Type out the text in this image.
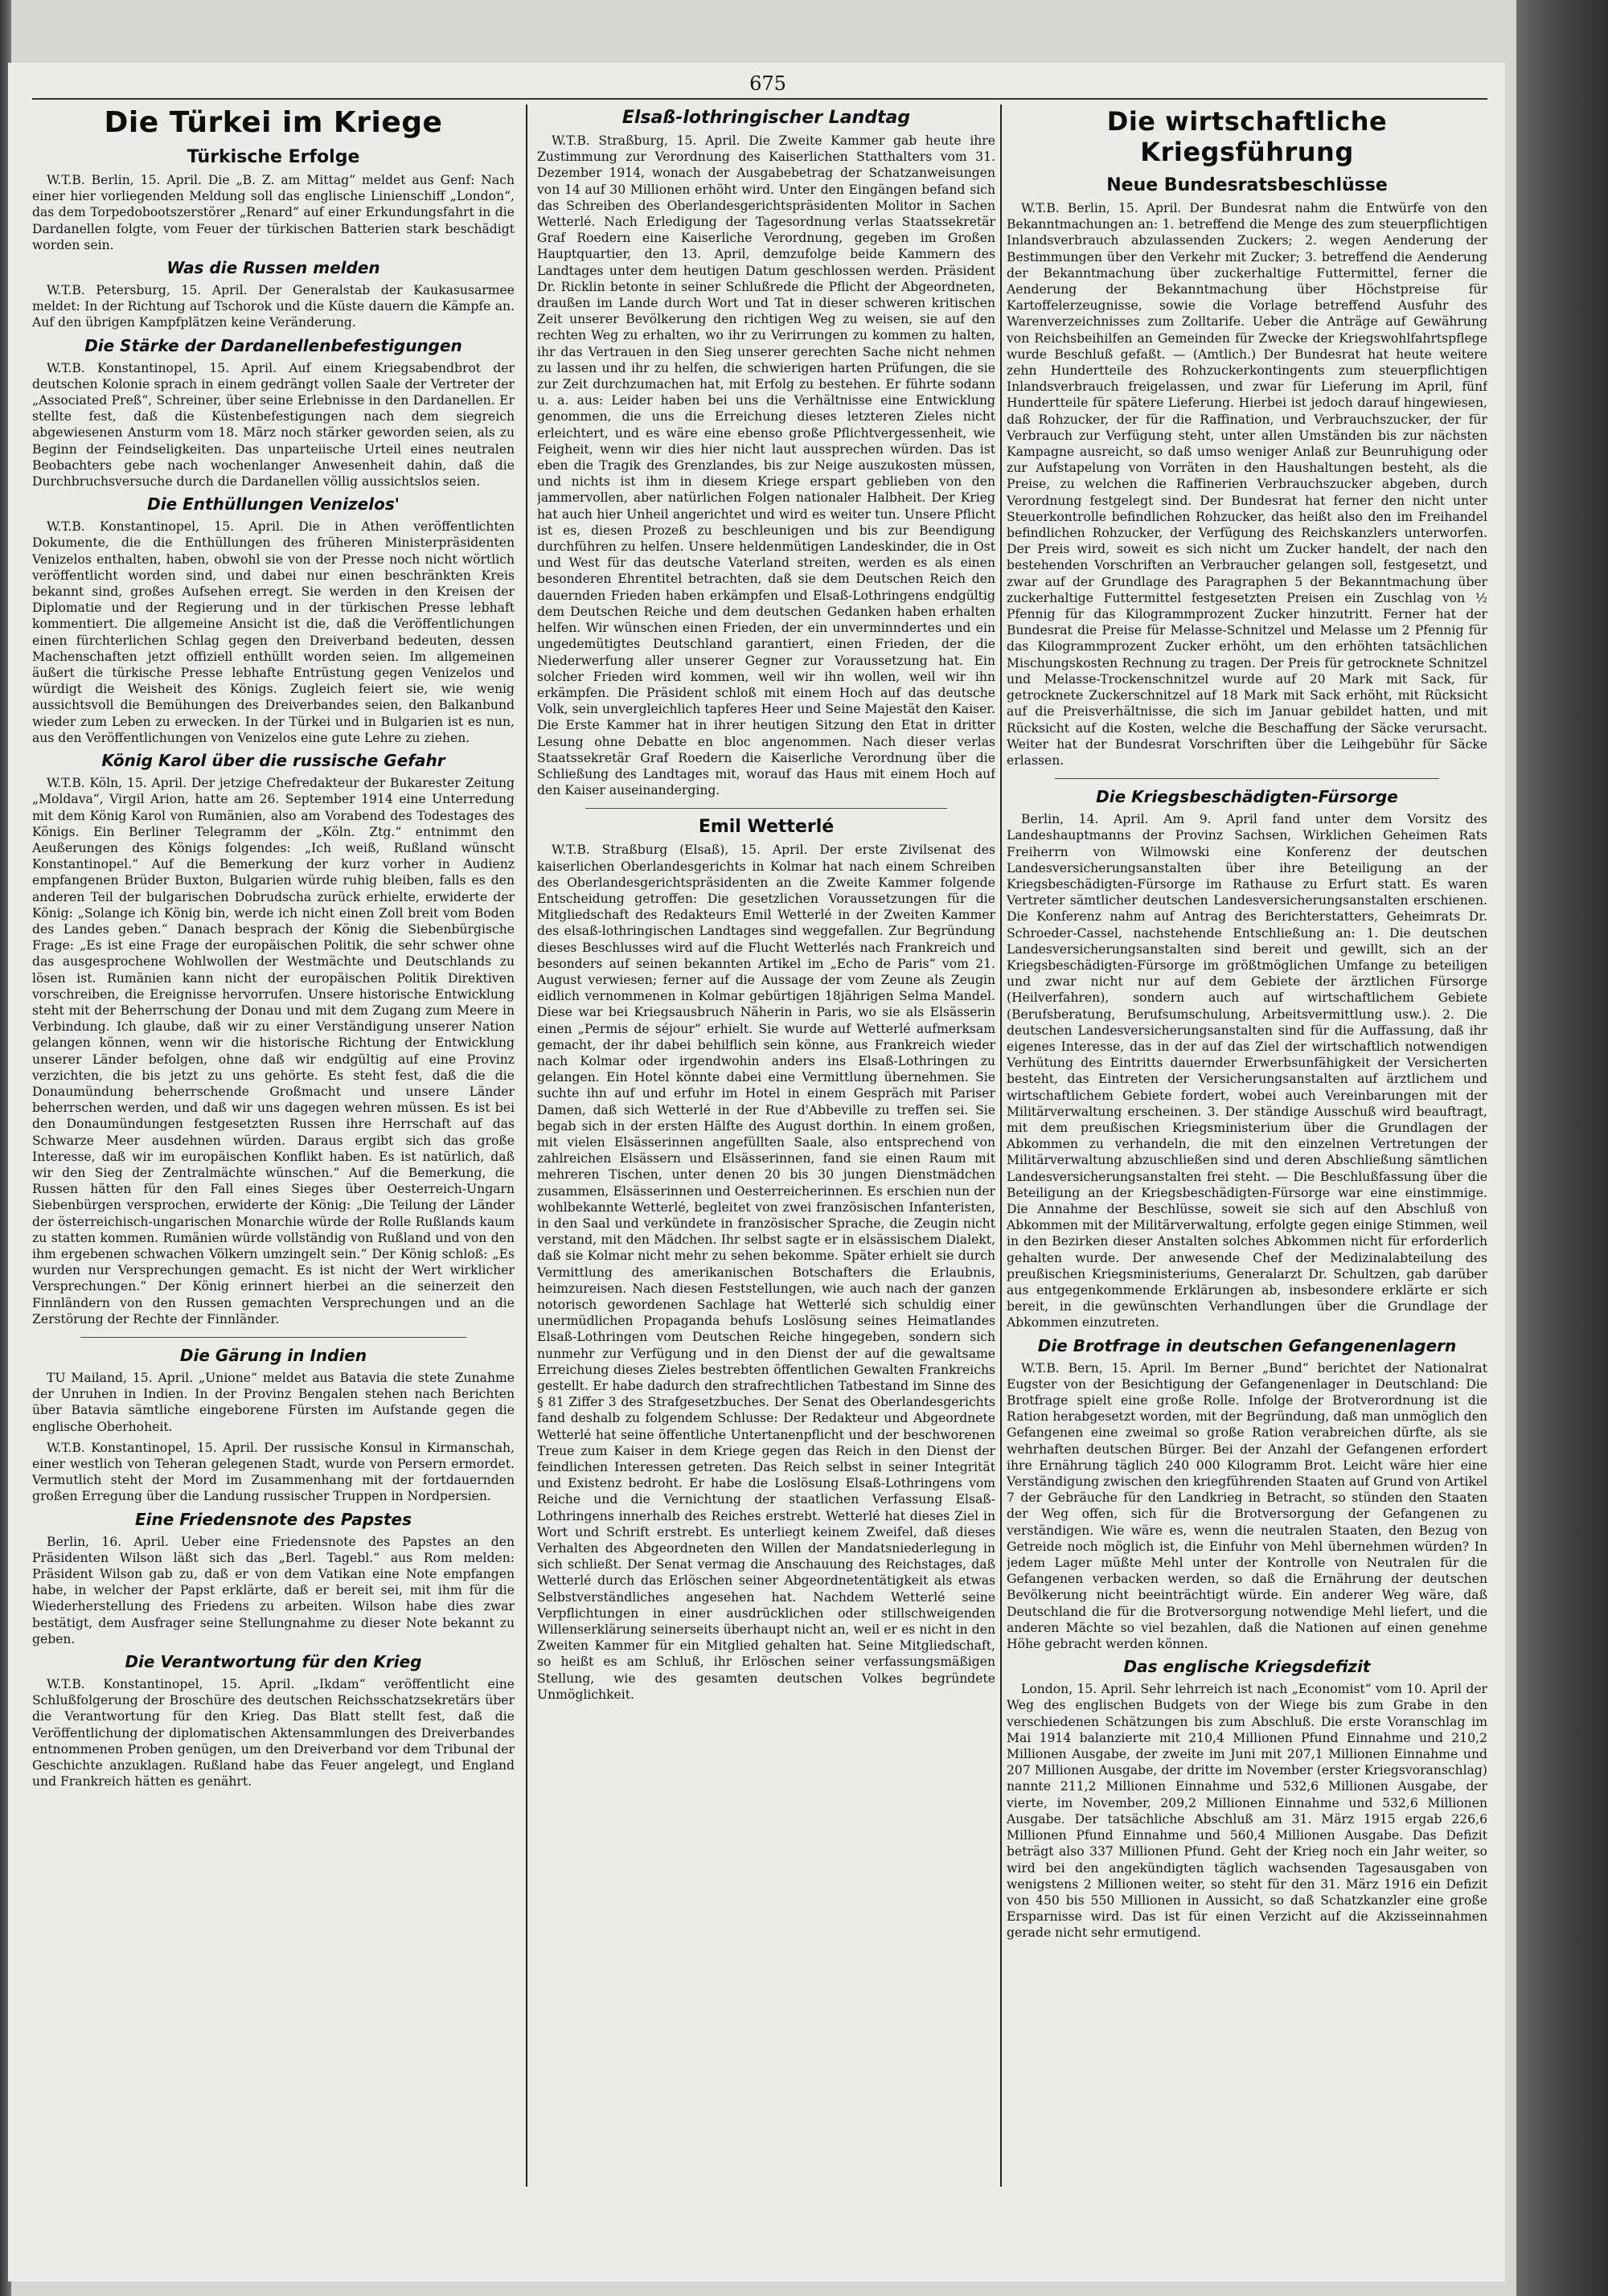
675
Die Türkei im Kriege
Türkische Erfolge

W.T.B. Berlin, 15. April. Die „B. Z. am Mittag“ meldet aus Genf: Nach einer hier vorliegenden Meldung soll das englische Linienschiff „London“, das dem Torpedobootszerstörer „Renard“ auf einer Erkundungsfahrt in die Dardanellen folgte, vom Feuer der türkischen Batterien stark beschädigt worden sein.

Was die Russen melden

W.T.B. Petersburg, 15. April. Der Generalstab der Kaukasusarmee meldet: In der Richtung auf Tschorok und die Küste dauern die Kämpfe an. Auf den übrigen Kampfplätzen keine Veränderung.

Die Stärke der Dardanellenbefestigungen

W.T.B. Konstantinopel, 15. April. Auf einem Kriegsabendbrot der deutschen Kolonie sprach in einem gedrängt vollen Saale der Vertreter der „Associated Preß“, Schreiner, über seine Erlebnisse in den Dardanellen. Er stellte fest, daß die Küstenbefestigungen nach dem siegreich abgewiesenen Ansturm vom 18. März noch stärker geworden seien, als zu Beginn der Feindseligkeiten. Das unparteiische Urteil eines neutralen Beobachters gebe nach wochenlanger Anwesenheit dahin, daß die Durchbruchsversuche durch die Dardanellen völlig aussichtslos seien.

Die Enthüllungen Venizelos'

W.T.B. Konstantinopel, 15. April. Die in Athen veröffentlichten Dokumente, die die Enthüllungen des früheren Ministerpräsidenten Venizelos enthalten, haben, obwohl sie von der Presse noch nicht wörtlich veröffentlicht worden sind, und dabei nur einen beschränkten Kreis bekannt sind, großes Aufsehen erregt. Sie werden in den Kreisen der Diplomatie und der Regierung und in der türkischen Presse lebhaft kommentiert. Die allgemeine Ansicht ist die, daß die Veröffentlichungen einen fürchterlichen Schlag gegen den Dreiverband bedeuten, dessen Machenschaften jetzt offiziell enthüllt worden seien. Im allgemeinen äußert die türkische Presse lebhafte Entrüstung gegen Venizelos und würdigt die Weisheit des Königs. Zugleich feiert sie, wie wenig aussichtsvoll die Bemühungen des Dreiverbandes seien, den Balkanbund wieder zum Leben zu erwecken. In der Türkei und in Bulgarien ist es nun, aus den Veröffentlichungen von Venizelos eine gute Lehre zu ziehen.

König Karol über die russische Gefahr

W.T.B. Köln, 15. April. Der jetzige Chefredakteur der Bukarester Zeitung „Moldava“, Virgil Arion, hatte am 26. September 1914 eine Unterredung mit dem König Karol von Rumänien, also am Vorabend des Todestages des Königs. Ein Berliner Telegramm der „Köln. Ztg.“ entnimmt den Aeußerungen des Königs folgendes: „Ich weiß, Rußland wünscht Konstantinopel.“ Auf die Bemerkung der kurz vorher in Audienz empfangenen Brüder Buxton, Bulgarien würde ruhig bleiben, falls es den anderen Teil der bulgarischen Dobrudscha zurück erhielte, erwiderte der König: „Solange ich König bin, werde ich nicht einen Zoll breit vom Boden des Landes geben.“ Danach besprach der König die Siebenbürgische Frage: „Es ist eine Frage der europäischen Politik, die sehr schwer ohne das ausgesprochene Wohlwollen der Westmächte und Deutschlands zu lösen ist. Rumänien kann nicht der europäischen Politik Direktiven vorschreiben, die Ereignisse hervorrufen. Unsere historische Entwicklung steht mit der Beherrschung der Donau und mit dem Zugang zum Meere in Verbindung. Ich glaube, daß wir zu einer Verständigung unserer Nation gelangen können, wenn wir die historische Richtung der Entwicklung unserer Länder befolgen, ohne daß wir endgültig auf eine Provinz verzichten, die bis jetzt zu uns gehörte. Es steht fest, daß die die Donaumündung beherrschende Großmacht und unsere Länder beherrschen werden, und daß wir uns dagegen wehren müssen. Es ist bei den Donaumündungen festgesetzten Russen ihre Herrschaft auf das Schwarze Meer ausdehnen würden. Daraus ergibt sich das große Interesse, daß wir im europäischen Konflikt haben. Es ist natürlich, daß wir den Sieg der Zentralmächte wünschen.“ Auf die Bemerkung, die Russen hätten für den Fall eines Sieges über Oesterreich-Ungarn Siebenbürgen versprochen, erwiderte der König: „Die Teilung der Länder der österreichisch-ungarischen Monarchie würde der Rolle Rußlands kaum zu statten kommen. Rumänien würde vollständig von Rußland und von den ihm ergebenen schwachen Völkern umzingelt sein.“ Der König schloß: „Es wurden nur Versprechungen gemacht. Es ist nicht der Wert wirklicher Versprechungen.“ Der König erinnert hierbei an die seinerzeit den Finnländern von den Russen gemachten Versprechungen und an die Zerstörung der Rechte der Finnländer.

Die Gärung in Indien

TU Mailand, 15. April. „Unione“ meldet aus Batavia die stete Zunahme der Unruhen in Indien. In der Provinz Bengalen stehen nach Berichten über Batavia sämtliche eingeborene Fürsten im Aufstande gegen die englische Oberhoheit.

W.T.B. Konstantinopel, 15. April. Der russische Konsul in Kirmanschah, einer westlich von Teheran gelegenen Stadt, wurde von Persern ermordet. Vermutlich steht der Mord im Zusammenhang mit der fortdauernden großen Erregung über die Landung russischer Truppen in Nordpersien.

Eine Friedensnote des Papstes

Berlin, 16. April. Ueber eine Friedensnote des Papstes an den Präsidenten Wilson läßt sich das „Berl. Tagebl.“ aus Rom melden: Präsident Wilson gab zu, daß er von dem Vatikan eine Note empfangen habe, in welcher der Papst erklärte, daß er bereit sei, mit ihm für die Wiederherstellung des Friedens zu arbeiten. Wilson habe dies zwar bestätigt, dem Ausfrager seine Stellungnahme zu dieser Note bekannt zu geben.

Die Verantwortung für den Krieg

W.T.B. Konstantinopel, 15. April. „Ikdam“ veröffentlicht eine Schlußfolgerung der Broschüre des deutschen Reichsschatzsekretärs über die Verantwortung für den Krieg. Das Blatt stellt fest, daß die Veröffentlichung der diplomatischen Aktensammlungen des Dreiverbandes entnommenen Proben genügen, um den Dreiverband vor dem Tribunal der Geschichte anzuklagen. Rußland habe das Feuer angelegt, und England und Frankreich hätten es genährt.

Elsaß-lothringischer Landtag

W.T.B. Straßburg, 15. April. Die Zweite Kammer gab heute ihre Zustimmung zur Verordnung des Kaiserlichen Statthalters vom 31. Dezember 1914, wonach der Ausgabebetrag der Schatzanweisungen von 14 auf 30 Millionen erhöht wird. Unter den Eingängen befand sich das Schreiben des Oberlandesgerichtspräsidenten Molitor in Sachen Wetterlé. Nach Erledigung der Tagesordnung verlas Staatssekretär Graf Roedern eine Kaiserliche Verordnung, gegeben im Großen Hauptquartier, den 13. April, demzufolge beide Kammern des Landtages unter dem heutigen Datum geschlossen werden. Präsident Dr. Ricklin betonte in seiner Schlußrede die Pflicht der Abgeordneten, draußen im Lande durch Wort und Tat in dieser schweren kritischen Zeit unserer Bevölkerung den richtigen Weg zu weisen, sie auf den rechten Weg zu erhalten, wo ihr zu Verirrungen zu kommen zu halten, ihr das Vertrauen in den Sieg unserer gerechten Sache nicht nehmen zu lassen und ihr zu helfen, die schwierigen harten Prüfungen, die sie zur Zeit durchzumachen hat, mit Erfolg zu bestehen. Er führte sodann u. a. aus: Leider haben bei uns die Verhältnisse eine Entwicklung genommen, die uns die Erreichung dieses letzteren Zieles nicht erleichtert, und es wäre eine ebenso große Pflichtvergessenheit, wie Feigheit, wenn wir dies hier nicht laut aussprechen würden. Das ist eben die Tragik des Grenzlandes, bis zur Neige auszukosten müssen, und nichts ist ihm in diesem Kriege erspart geblieben von den jammervollen, aber natürlichen Folgen nationaler Halbheit. Der Krieg hat auch hier Unheil angerichtet und wird es weiter tun. Unsere Pflicht ist es, diesen Prozeß zu beschleunigen und bis zur Beendigung durchführen zu helfen. Unsere heldenmütigen Landeskinder, die in Ost und West für das deutsche Vaterland streiten, werden es als einen besonderen Ehrentitel betrachten, daß sie dem Deutschen Reich den dauernden Frieden haben erkämpfen und Elsaß-Lothringens endgültig dem Deutschen Reiche und dem deutschen Gedanken haben erhalten helfen. Wir wünschen einen Frieden, der ein unverminndertes und ein ungedemütigtes Deutschland garantiert, einen Frieden, der die Niederwerfung aller unserer Gegner zur Voraussetzung hat. Ein solcher Frieden wird kommen, weil wir ihn wollen, weil wir ihn erkämpfen. Die Präsident schloß mit einem Hoch auf das deutsche Volk, sein unvergleichlich tapferes Heer und Seine Majestät den Kaiser. Die Erste Kammer hat in ihrer heutigen Sitzung den Etat in dritter Lesung ohne Debatte en bloc angenommen. Nach dieser verlas Staatssekretär Graf Roedern die Kaiserliche Verordnung über die Schließung des Landtages mit, worauf das Haus mit einem Hoch auf den Kaiser auseinanderging.

Emil Wetterlé

W.T.B. Straßburg (Elsaß), 15. April. Der erste Zivilsenat des kaiserlichen Oberlandesgerichts in Kolmar hat nach einem Schreiben des Oberlandesgerichtspräsidenten an die Zweite Kammer folgende Entscheidung getroffen: Die gesetzlichen Voraussetzungen für die Mitgliedschaft des Redakteurs Emil Wetterlé in der Zweiten Kammer des elsaß-lothringischen Landtages sind weggefallen. Zur Begründung dieses Beschlusses wird auf die Flucht Wetterlés nach Frankreich und besonders auf seinen bekannten Artikel im „Echo de Paris“ vom 21. August verwiesen; ferner auf die Aussage der vom Zeune als Zeugin eidlich vernommenen in Kolmar gebürtigen 18jährigen Selma Mandel. Diese war bei Kriegsausbruch Näherin in Paris, wo sie als Elsässerin einen „Permis de séjour“ erhielt. Sie wurde auf Wetterlé aufmerksam gemacht, der ihr dabei behilflich sein könne, aus Frankreich wieder nach Kolmar oder irgendwohin anders ins Elsaß-Lothringen zu gelangen. Ein Hotel könnte dabei eine Vermittlung übernehmen. Sie suchte ihn auf und erfuhr im Hotel in einem Gespräch mit Pariser Damen, daß sich Wetterlé in der Rue d'Abbeville zu treffen sei. Sie begab sich in der ersten Hälfte des August dorthin. In einem großen, mit vielen Elsässerinnen angefüllten Saale, also entsprechend von zahlreichen Elsässern und Elsässerinnen, fand sie einen Raum mit mehreren Tischen, unter denen 20 bis 30 jungen Dienstmädchen zusammen, Elsässerinnen und Oesterreicherinnen. Es erschien nun der wohlbekannte Wetterlé, begleitet von zwei französischen Infanteristen, in den Saal und verkündete in französischer Sprache, die Zeugin nicht verstand, mit den Mädchen. Ihr selbst sagte er in elsässischem Dialekt, daß sie Kolmar nicht mehr zu sehen bekomme. Später erhielt sie durch Vermittlung des amerikanischen Botschafters die Erlaubnis, heimzureisen. Nach diesen Feststellungen, wie auch nach der ganzen notorisch gewordenen Sachlage hat Wetterlé sich schuldig einer unermüdlichen Propaganda behufs Loslösung seines Heimatlandes Elsaß-Lothringen vom Deutschen Reiche hingegeben, sondern sich nunmehr zur Verfügung und in den Dienst der auf die gewaltsame Erreichung dieses Zieles bestrebten öffentlichen Gewalten Frankreichs gestellt. Er habe dadurch den strafrechtlichen Tatbestand im Sinne des § 81 Ziffer 3 des Strafgesetzbuches. Der Senat des Oberlandesgerichts fand deshalb zu folgendem Schlusse: Der Redakteur und Abgeordnete Wetterlé hat seine öffentliche Untertanenpflicht und der beschworenen Treue zum Kaiser in dem Kriege gegen das Reich in den Dienst der feindlichen Interessen getreten. Das Reich selbst in seiner Integrität und Existenz bedroht. Er habe die Loslösung Elsaß-Lothringens vom Reiche und die Vernichtung der staatlichen Verfassung Elsaß-Lothringens innerhalb des Reiches erstrebt. Wetterlé hat dieses Ziel in Wort und Schrift erstrebt. Es unterliegt keinem Zweifel, daß dieses Verhalten des Abgeordneten den Willen der Mandatsniederlegung in sich schließt. Der Senat vermag die Anschauung des Reichstages, daß Wetterlé durch das Erlöschen seiner Abgeordnetentätigkeit als etwas Selbstverständliches angesehen hat. Nachdem Wetterlé seine Verpflichtungen in einer ausdrücklichen oder stillschweigenden Willenserklärung seinerseits überhaupt nicht an, weil er es nicht in den Zweiten Kammer für ein Mitglied gehalten hat. Seine Mitgliedschaft, so heißt es am Schluß, ihr Erlöschen seiner verfassungsmäßigen Stellung, wie des gesamten deutschen Volkes begründete Unmöglichkeit.

Die wirtschaftliche Kriegsführung
Neue Bundesratsbeschlüsse

W.T.B. Berlin, 15. April. Der Bundesrat nahm die Entwürfe von den Bekanntmachungen an: 1. betreffend die Menge des zum steuerpflichtigen Inlandsverbrauch abzulassenden Zuckers; 2. wegen Aenderung der Bestimmungen über den Verkehr mit Zucker; 3. betreffend die Aenderung der Bekanntmachung über zuckerhaltige Futtermittel, ferner die Aenderung der Bekanntmachung über Höchstpreise für Kartoffelerzeugnisse, sowie die Vorlage betreffend Ausfuhr des Warenverzeichnisses zum Zolltarife. Ueber die Anträge auf Gewährung von Reichsbeihilfen an Gemeinden für Zwecke der Kriegswohlfahrtspflege wurde Beschluß gefaßt. — (Amtlich.) Der Bundesrat hat heute weitere zehn Hundertteile des Rohzuckerkontingents zum steuerpflichtigen Inlandsverbrauch freigelassen, und zwar für Lieferung im April, fünf Hundertteile für spätere Lieferung. Hierbei ist jedoch darauf hingewiesen, daß Rohzucker, der für die Raffination, und Verbrauchszucker, der für Verbrauch zur Verfügung steht, unter allen Umständen bis zur nächsten Kampagne ausreicht, so daß umso weniger Anlaß zur Beunruhigung oder zur Aufstapelung von Vorräten in den Haushaltungen besteht, als die Preise, zu welchen die Raffinerien Verbrauchszucker abgeben, durch Verordnung festgelegt sind. Der Bundesrat hat ferner den nicht unter Steuerkontrolle befindlichen Rohzucker, das heißt also den im Freihandel befindlichen Rohzucker, der Verfügung des Reichskanzlers unterworfen. Der Preis wird, soweit es sich nicht um Zucker handelt, der nach den bestehenden Vorschriften an Verbraucher gelangen soll, festgesetzt, und zwar auf der Grundlage des Paragraphen 5 der Bekanntmachung über zuckerhaltige Futtermittel festgesetzten Preisen ein Zuschlag von ½ Pfennig für das Kilogrammprozent Zucker hinzutritt. Ferner hat der Bundesrat die Preise für Melasse-Schnitzel und Melasse um 2 Pfennig für das Kilogrammprozent Zucker erhöht, um den erhöhten tatsächlichen Mischungskosten Rechnung zu tragen. Der Preis für getrocknete Schnitzel und Melasse-Trockenschnitzel wurde auf 20 Mark mit Sack, für getrocknete Zuckerschnitzel auf 18 Mark mit Sack erhöht, mit Rücksicht auf die Preisverhältnisse, die sich im Januar gebildet hatten, und mit Rücksicht auf die Kosten, welche die Beschaffung der Säcke verursacht. Weiter hat der Bundesrat Vorschriften über die Leihgebühr für Säcke erlassen.

Die Kriegsbeschädigten-Fürsorge

Berlin, 14. April. Am 9. April fand unter dem Vorsitz des Landeshauptmanns der Provinz Sachsen, Wirklichen Geheimen Rats Freiherrn von Wilmowski eine Konferenz der deutschen Landesversicherungsanstalten über ihre Beteiligung an der Kriegsbeschädigten-Fürsorge im Rathause zu Erfurt statt. Es waren Vertreter sämtlicher deutschen Landesversicherungsanstalten erschienen. Die Konferenz nahm auf Antrag des Berichterstatters, Geheimrats Dr. Schroeder-Cassel, nachstehende Entschließung an: 1. Die deutschen Landesversicherungsanstalten sind bereit und gewillt, sich an der Kriegsbeschädigten-Fürsorge im größtmöglichen Umfange zu beteiligen und zwar nicht nur auf dem Gebiete der ärztlichen Fürsorge (Heilverfahren), sondern auch auf wirtschaftlichem Gebiete (Berufsberatung, Berufsumschulung, Arbeitsvermittlung usw.). 2. Die deutschen Landesversicherungsanstalten sind für die Auffassung, daß ihr eigenes Interesse, das in der auf das Ziel der wirtschaftlich notwendigen Verhütung des Eintritts dauernder Erwerbsunfähigkeit der Versicherten besteht, das Eintreten der Versicherungsanstalten auf ärztlichem und wirtschaftlichem Gebiete fordert, wobei auch Vereinbarungen mit der Militärverwaltung erscheinen. 3. Der ständige Ausschuß wird beauftragt, mit dem preußischen Kriegsministerium über die Grundlagen der Abkommen zu verhandeln, die mit den einzelnen Vertretungen der Militärverwaltung abzuschließen sind und deren Abschließung sämtlichen Landesversicherungsanstalten frei steht. — Die Beschlußfassung über die Beteiligung an der Kriegsbeschädigten-Fürsorge war eine einstimmige. Die Annahme der Beschlüsse, soweit sie sich auf den Abschluß von Abkommen mit der Militärverwaltung, erfolgte gegen einige Stimmen, weil in den Bezirken dieser Anstalten solches Abkommen nicht für erforderlich gehalten wurde. Der anwesende Chef der Medizinalabteilung des preußischen Kriegsministeriums, Generalarzt Dr. Schultzen, gab darüber aus entgegenkommende Erklärungen ab, insbesondere erklärte er sich bereit, in die gewünschten Verhandlungen über die Grundlage der Abkommen einzutreten.

Die Brotfrage in deutschen Gefangenenlagern

W.T.B. Bern, 15. April. Im Berner „Bund“ berichtet der Nationalrat Eugster von der Besichtigung der Gefangenenlager in Deutschland: Die Brotfrage spielt eine große Rolle. Infolge der Brotverordnung ist die Ration herabgesetzt worden, mit der Begründung, daß man unmöglich den Gefangenen eine zweimal so große Ration verabreichen dürfte, als sie wehrhaften deutschen Bürger. Bei der Anzahl der Gefangenen erfordert ihre Ernährung täglich 240 000 Kilogramm Brot. Leicht wäre hier eine Verständigung zwischen den kriegführenden Staaten auf Grund von Artikel 7 der Gebräuche für den Landkrieg in Betracht, so stünden den Staaten der Weg offen, sich für die Brotversorgung der Gefangenen zu verständigen. Wie wäre es, wenn die neutralen Staaten, den Bezug von Getreide noch möglich ist, die Einfuhr von Mehl übernehmen würden? In jedem Lager müßte Mehl unter der Kontrolle von Neutralen für die Gefangenen verbacken werden, so daß die Ernährung der deutschen Bevölkerung nicht beeinträchtigt würde. Ein anderer Weg wäre, daß Deutschland die für die Brotversorgung notwendige Mehl liefert, und die anderen Mächte so viel bezahlen, daß die Nationen auf einen genehme Höhe gebracht werden können.

Das englische Kriegsdefizit

London, 15. April. Sehr lehrreich ist nach „Economist“ vom 10. April der Weg des englischen Budgets von der Wiege bis zum Grabe in den verschiedenen Schätzungen bis zum Abschluß. Die erste Voranschlag im Mai 1914 balanzierte mit 210,4 Millionen Pfund Einnahme und 210,2 Millionen Ausgabe, der zweite im Juni mit 207,1 Millionen Einnahme und 207 Millionen Ausgabe, der dritte im November (erster Kriegsvoranschlag) nannte 211,2 Millionen Einnahme und 532,6 Millionen Ausgabe, der vierte, im November, 209,2 Millionen Einnahme und 532,6 Millionen Ausgabe. Der tatsächliche Abschluß am 31. März 1915 ergab 226,6 Millionen Pfund Einnahme und 560,4 Millionen Ausgabe. Das Defizit beträgt also 337 Millionen Pfund. Geht der Krieg noch ein Jahr weiter, so wird bei den angekündigten täglich wachsenden Tagesausgaben von wenigstens 2 Millionen weiter, so steht für den 31. März 1916 ein Defizit von 450 bis 550 Millionen in Aussicht, so daß Schatzkanzler eine große Ersparnisse wird. Das ist für einen Verzicht auf die Akzisseinnahmen gerade nicht sehr ermutigend.
